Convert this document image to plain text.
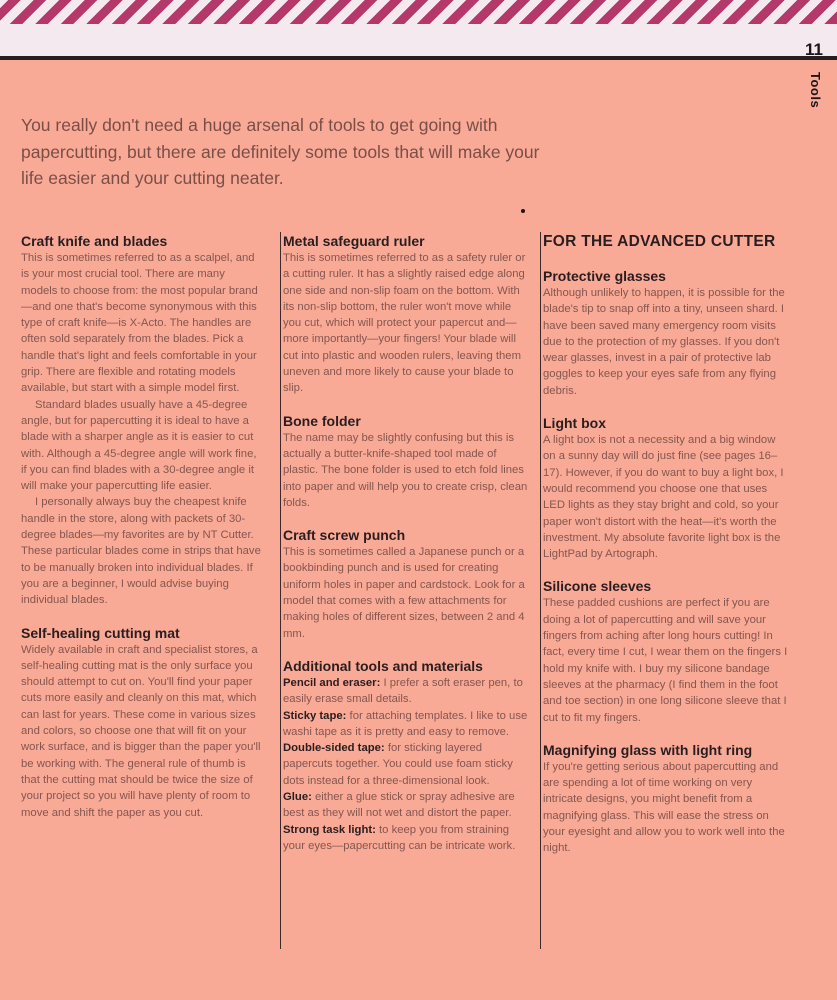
11
Tools

You really don't need a huge arsenal of tools to get going with papercutting, but there are definitely some tools that will make your life easier and your cutting neater.

Craft knife and blades

This is sometimes referred to as a scalpel, and is your most crucial tool. There are many models to choose from: the most popular brand—and one that's become synonymous with this type of craft knife—is X-Acto. The handles are often sold separately from the blades. Pick a handle that's light and feels comfortable in your grip. There are flexible and rotating models available, but start with a simple model first.

Standard blades usually have a 45-degree angle, but for papercutting it is ideal to have a blade with a sharper angle as it is easier to cut with. Although a 45-degree angle will work fine, if you can find blades with a 30-degree angle it will make your papercutting life easier.

I personally always buy the cheapest knife handle in the store, along with packets of 30-degree blades—my favorites are by NT Cutter. These particular blades come in strips that have to be manually broken into individual blades. If you are a beginner, I would advise buying individual blades.

Self-healing cutting mat

Widely available in craft and specialist stores, a self-healing cutting mat is the only surface you should attempt to cut on. You'll find your paper cuts more easily and cleanly on this mat, which can last for years. These come in various sizes and colors, so choose one that will fit on your work surface, and is bigger than the paper you'll be working with. The general rule of thumb is that the cutting mat should be twice the size of your project so you will have plenty of room to move and shift the paper as you cut.

Metal safeguard ruler

This is sometimes referred to as a safety ruler or a cutting ruler. It has a slightly raised edge along one side and non-slip foam on the bottom. With its non-slip bottom, the ruler won't move while you cut, which will protect your papercut and—more importantly—your fingers! Your blade will cut into plastic and wooden rulers, leaving them uneven and more likely to cause your blade to slip.

Bone folder

The name may be slightly confusing but this is actually a butter-knife-shaped tool made of plastic. The bone folder is used to etch fold lines into paper and will help you to create crisp, clean folds.

Craft screw punch

This is sometimes called a Japanese punch or a bookbinding punch and is used for creating uniform holes in paper and cardstock. Look for a model that comes with a few attachments for making holes of different sizes, between 2 and 4 mm.

Additional tools and materials

Pencil and eraser: I prefer a soft eraser pen, to easily erase small details.

Sticky tape: for attaching templates. I like to use washi tape as it is pretty and easy to remove.

Double-sided tape: for sticking layered papercuts together. You could use foam sticky dots instead for a three-dimensional look.

Glue: either a glue stick or spray adhesive are best as they will not wet and distort the paper.

Strong task light: to keep you from straining your eyes—papercutting can be intricate work.

FOR THE ADVANCED CUTTER
Protective glasses

Although unlikely to happen, it is possible for the blade's tip to snap off into a tiny, unseen shard. I have been saved many emergency room visits due to the protection of my glasses. If you don't wear glasses, invest in a pair of protective lab goggles to keep your eyes safe from any flying debris.

Light box

A light box is not a necessity and a big window on a sunny day will do just fine (see pages 16–17). However, if you do want to buy a light box, I would recommend you choose one that uses LED lights as they stay bright and cold, so your paper won't distort with the heat—it's worth the investment. My absolute favorite light box is the LightPad by Artograph.

Silicone sleeves

These padded cushions are perfect if you are doing a lot of papercutting and will save your fingers from aching after long hours cutting! In fact, every time I cut, I wear them on the fingers I hold my knife with. I buy my silicone bandage sleeves at the pharmacy (I find them in the foot and toe section) in one long silicone sleeve that I cut to fit my fingers.

Magnifying glass with light ring

If you're getting serious about papercutting and are spending a lot of time working on very intricate designs, you might benefit from a magnifying glass. This will ease the stress on your eyesight and allow you to work well into the night.
